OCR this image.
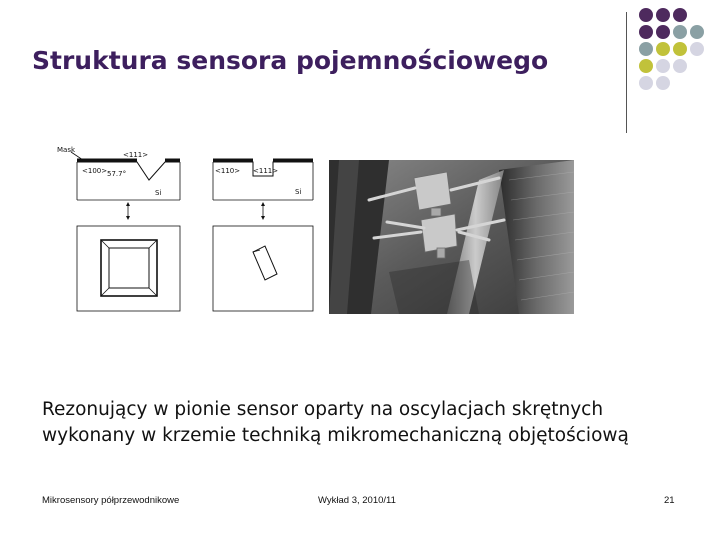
Struktura sensora pojemnościowego
Mask
<111>
<100> 57.7°
Si
<110> <111>
Si
Rezonujący w pionie sensor oparty na oscylacjach skrętnych
wykonany w krzemie techniką mikromechaniczną objętościową
Mikrosensory półprzewodnikowe	Wykład 3, 2010/11	21
